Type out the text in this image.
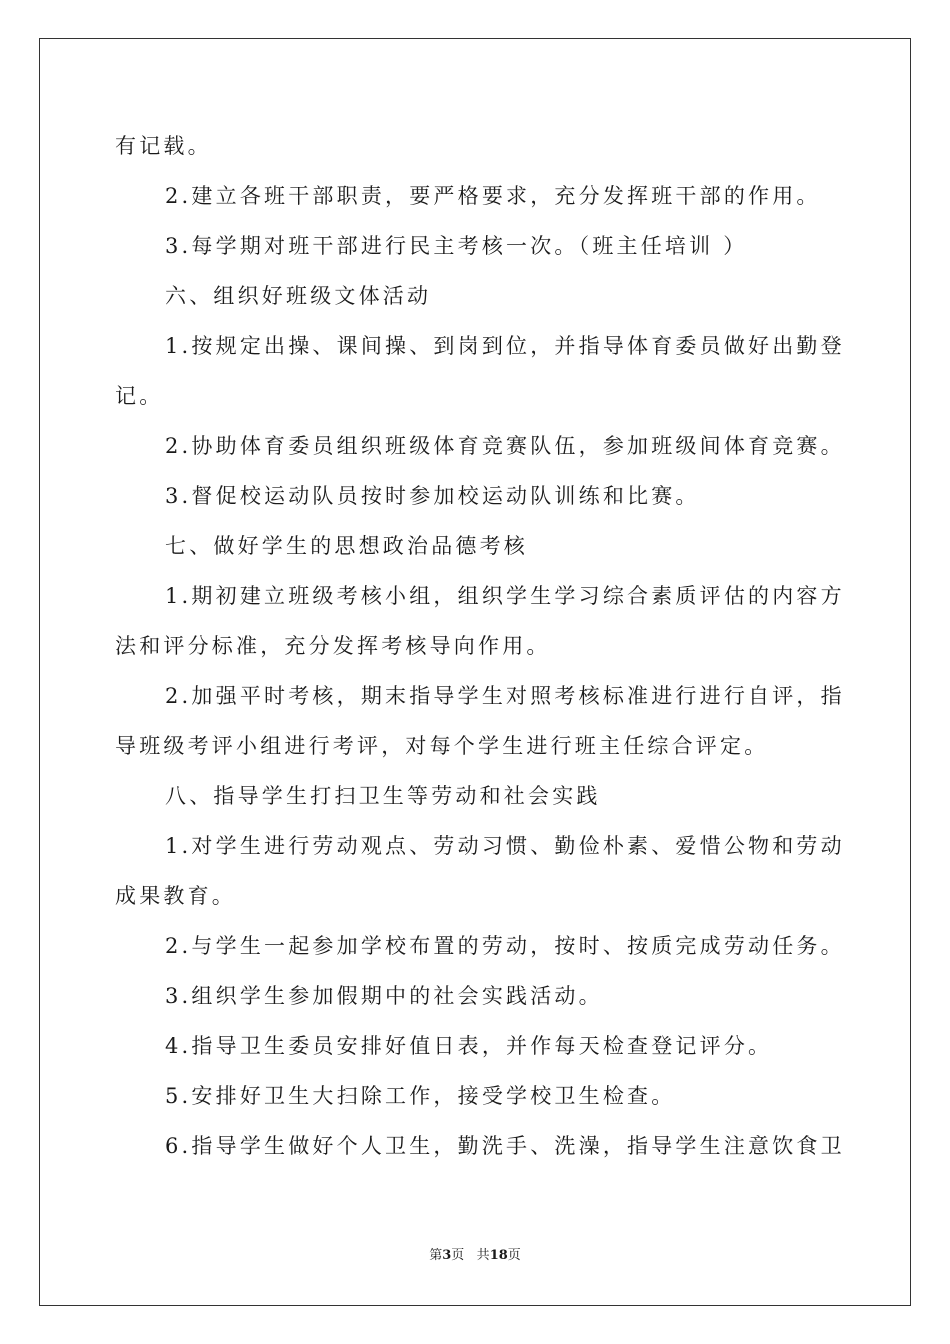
有记载。
2.建立各班干部职责，要严格要求，充分发挥班干部的作用。
3.每学期对班干部进行民主考核一次。（班主任培训 ）
六、组织好班级文体活动
1.按规定出操、课间操、到岗到位，并指导体育委员做好出勤登
记。
2.协助体育委员组织班级体育竞赛队伍，参加班级间体育竞赛。
3.督促校运动队员按时参加校运动队训练和比赛。
七、做好学生的思想政治品德考核
1.期初建立班级考核小组，组织学生学习综合素质评估的内容方
法和评分标准，充分发挥考核导向作用。
2.加强平时考核，期末指导学生对照考核标准进行进行自评，指
导班级考评小组进行考评，对每个学生进行班主任综合评定。
八、指导学生打扫卫生等劳动和社会实践
1.对学生进行劳动观点、劳动习惯、勤俭朴素、爱惜公物和劳动
成果教育。
2.与学生一起参加学校布置的劳动，按时、按质完成劳动任务。
3.组织学生参加假期中的社会实践活动。
4.指导卫生委员安排好值日表，并作每天检查登记评分。
5.安排好卫生大扫除工作，接受学校卫生检查。
6.指导学生做好个人卫生，勤洗手、洗澡，指导学生注意饮食卫
第3页 共18页
